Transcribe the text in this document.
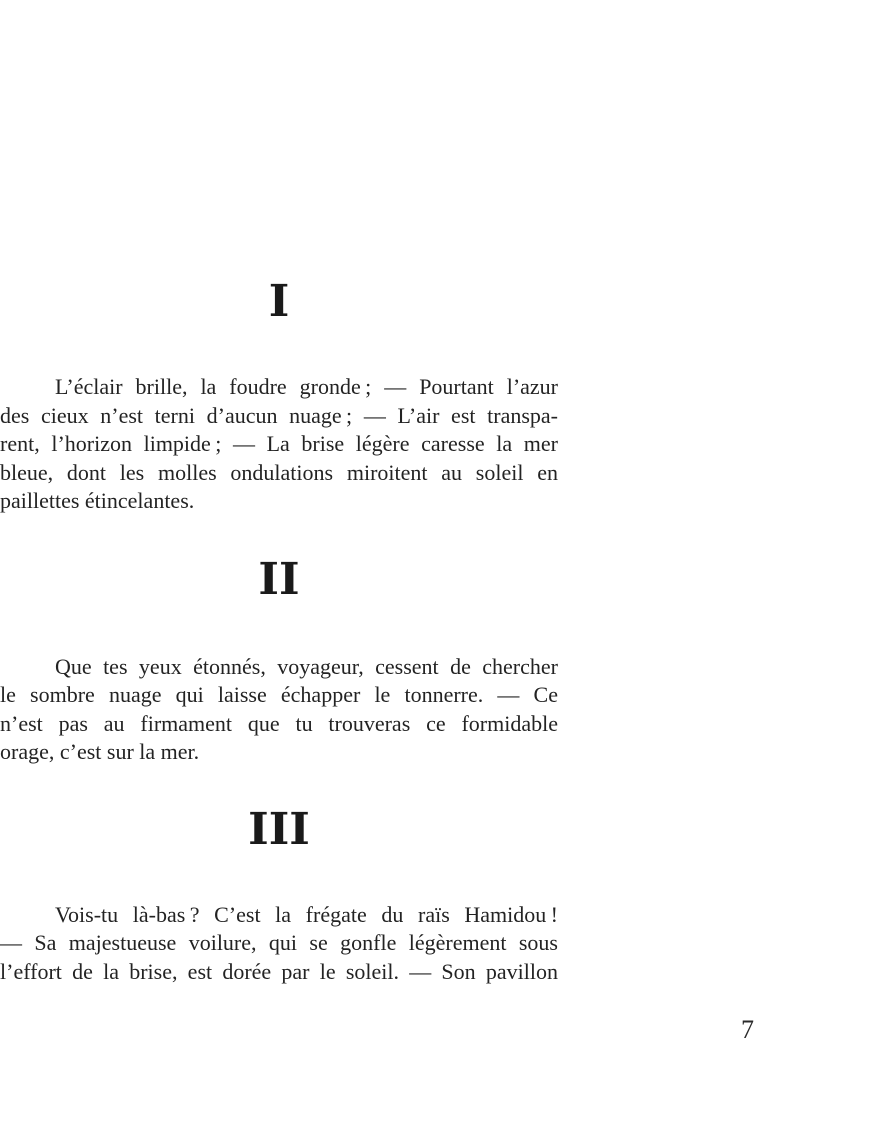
I
L’éclair brille, la foudre gronde ; — Pourtant l’azur
des cieux n’est terni d’aucun nuage ; — L’air est transpa-
rent, l’horizon limpide ; — La brise légère caresse la mer
bleue, dont les molles ondulations miroitent au soleil en
paillettes étincelantes.
II
Que tes yeux étonnés, voyageur, cessent de chercher
le sombre nuage qui laisse échapper le tonnerre. — Ce
n’est pas au firmament que tu trouveras ce formidable
orage, c’est sur la mer.
III
Vois-tu là-bas ? C’est la frégate du raïs Hamidou !
— Sa majestueuse voilure, qui se gonfle légèrement sous
l’effort de la brise, est dorée par le soleil. — Son pavillon
7
